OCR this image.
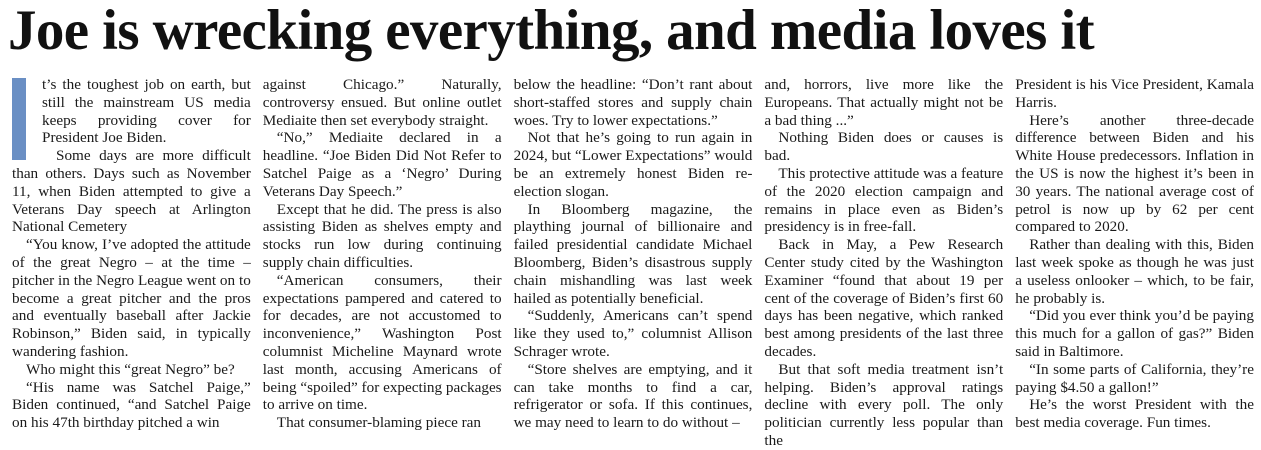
Joe is wrecking everything, and media loves it

t’s the toughest job on earth, but still the mainstream US media keeps providing cover for President Joe Biden.

Some days are more difficult than others. Days such as November 11, when Biden attempted to give a Veterans Day speech at Arlington National Cemetery

“You know, I’ve adopted the attitude of the great Negro – at the time – pitcher in the Negro League went on to become a great pitcher and the pros and eventually baseball after Jackie Robinson,” Biden said, in typically wandering fashion.

Who might this “great Negro” be?

“His name was Satchel Paige,” Biden continued, “and Satchel Paige on his 47th birthday pitched a win

against Chicago.” Naturally, controversy ensued. But online outlet Mediaite then set everybody straight.

“No,” Mediaite declared in a headline. “Joe Biden Did Not Refer to Satchel Paige as a ‘Negro’ During Veterans Day Speech.”

Except that he did. The press is also assisting Biden as shelves empty and stocks run low during continuing supply chain difficulties.

“American consumers, their expectations pampered and catered to for decades, are not accustomed to inconvenience,” Washington Post columnist Micheline Maynard wrote last month, accusing Americans of being “spoiled” for expecting packages to arrive on time.

That consumer-blaming piece ran

below the headline: “Don’t rant about short-staffed stores and supply chain woes. Try to lower expectations.”

Not that he’s going to run again in 2024, but “Lower Expectations” would be an extremely honest Biden re-election slogan.

In Bloomberg magazine, the plaything journal of billionaire and failed presidential candidate Michael Bloomberg, Biden’s disastrous supply chain mishandling was last week hailed as potentially beneficial.

“Suddenly, Americans can’t spend like they used to,” columnist Allison Schrager wrote.

“Store shelves are emptying, and it can take months to find a car, refrigerator or sofa. If this continues, we may need to learn to do without –

and, horrors, live more like the Europeans. That actually might not be a bad thing ...”

Nothing Biden does or causes is bad.

This protective attitude was a feature of the 2020 election campaign and remains in place even as Biden’s presidency is in free-fall.

Back in May, a Pew Research Center study cited by the Washington Examiner “found that about 19 per cent of the coverage of Biden’s first 60 days has been negative, which ranked best among presidents of the last three decades.

But that soft media treatment isn’t helping. Biden’s approval ratings decline with every poll. The only politician currently less popular than the

President is his Vice President, Kamala Harris.

Here’s another three-decade difference between Biden and his White House predecessors. Inflation in the US is now the highest it’s been in 30 years. The national average cost of petrol is now up by 62 per cent compared to 2020.

Rather than dealing with this, Biden last week spoke as though he was just a useless onlooker – which, to be fair, he probably is.

“Did you ever think you’d be paying this much for a gallon of gas?” Biden said in Baltimore.

“In some parts of California, they’re paying $4.50 a gallon!”

He’s the worst President with the best media coverage. Fun times.
